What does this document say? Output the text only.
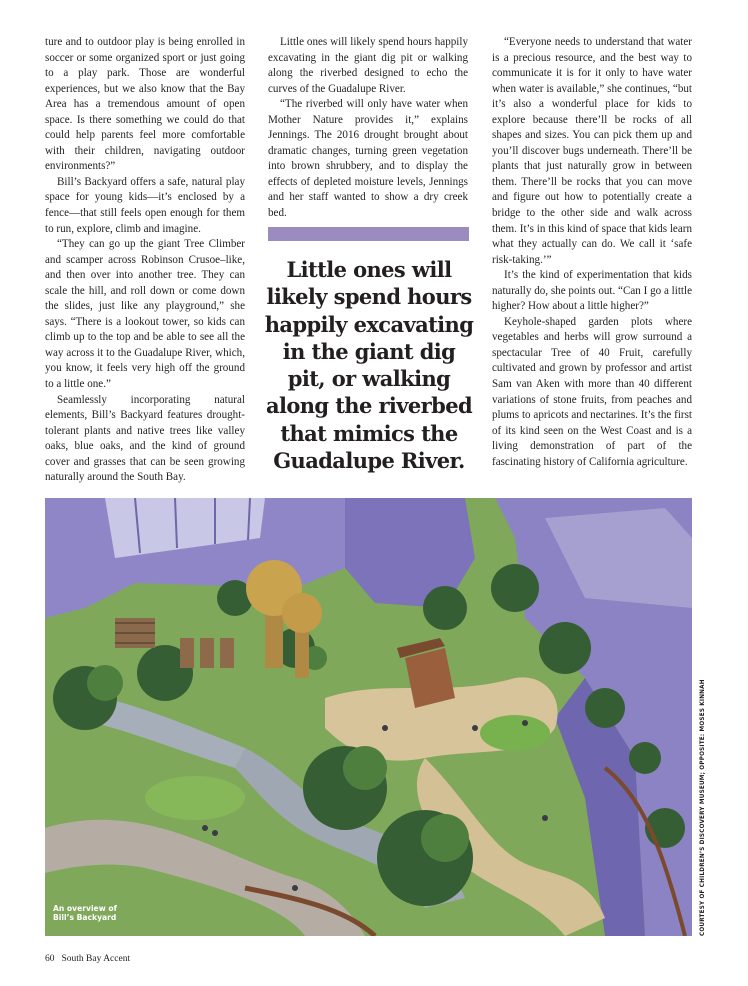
ture and to outdoor play is being enrolled in soccer or some organized sport or just going to a play park. Those are wonderful experiences, but we also know that the Bay Area has a tremendous amount of open space. Is there something we could do that could help parents feel more comfortable with their children, navigating outdoor environments?”

Bill’s Backyard offers a safe, natural play space for young kids—it’s enclosed by a fence—that still feels open enough for them to run, explore, climb and imagine.

“They can go up the giant Tree Climber and scamper across Robinson Crusoe–like, and then over into another tree. They can scale the hill, and roll down or come down the slides, just like any playground,” she says. “There is a lookout tower, so kids can climb up to the top and be able to see all the way across it to the Guadalupe River, which, you know, it feels very high off the ground to a little one.”

Seamlessly incorporating natural elements, Bill’s Backyard features drought-tolerant plants and native trees like valley oaks, blue oaks, and the kind of ground cover and grasses that can be seen growing naturally around the South Bay.

Little ones will likely spend hours happily excavating in the giant dig pit or walking along the riverbed designed to echo the curves of the Guadalupe River.

“The riverbed will only have water when Mother Nature provides it,” explains Jennings. The 2016 drought brought about dramatic changes, turning green vegetation into brown shrubbery, and to display the effects of depleted moisture levels, Jennings and her staff wanted to show a dry creek bed.

Little ones will likely spend hours happily excavating in the giant dig pit, or walking along the riverbed that mimics the Guadalupe River.

“Everyone needs to understand that water is a precious resource, and the best way to communicate it is for it only to have water when water is available,” she continues, “but it’s also a wonderful place for kids to explore because there’ll be rocks of all shapes and sizes. You can pick them up and you’ll discover bugs underneath. There’ll be plants that just naturally grow in between them. There’ll be rocks that you can move and figure out how to potentially create a bridge to the other side and walk across them. It’s in this kind of space that kids learn what they actually can do. We call it ‘safe risk-taking.’”

It’s the kind of experimentation that kids naturally do, she points out. “Can I go a little higher? How about a little higher?”

Keyhole-shaped garden plots where vegetables and herbs will grow surround a spectacular Tree of 40 Fruit, carefully cultivated and grown by professor and artist Sam van Aken with more than 40 different variations of stone fruits, from peaches and plums to apricots and nectarines. It’s the first of its kind seen on the West Coast and is a living demonstration of part of the fascinating history of California agriculture.

An overview of Bill’s Backyard	COURTESY OF CHILDREN’S DISCOVERY MUSEUM; OPPOSITE: MOSES KINNAH
60 South Bay Accent
